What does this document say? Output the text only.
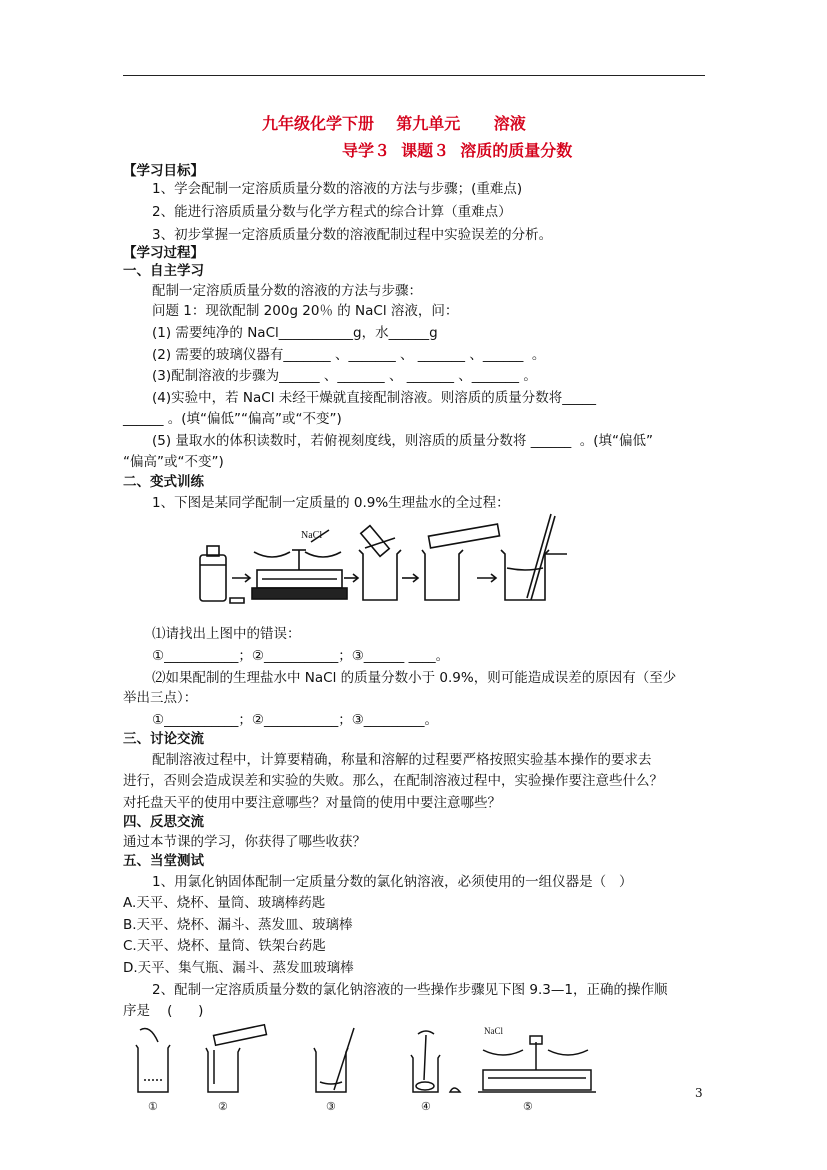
九年级化学下册    第九单元      溶液
导学３  课题３  溶质的质量分数
【学习目标】
1、学会配制一定溶质质量分数的溶液的方法与步骤；(重难点)
2、能进行溶质质量分数与化学方程式的综合计算（重难点）
3、初步掌握一定溶质质量分数的溶液配制过程中实验误差的分析。
【学习过程】
一、自主学习
配制一定溶质质量分数的溶液的方法与步骤：
问题 1：现欲配制 200g 20％ 的 NaCl 溶液，问：
(1) 需要纯净的 NaCl___________g，水______g
(2) 需要的玻璃仪器有_______ 、_______ 、 _______ 、______  。
(3)配制溶液的步骤为______ 、_______ 、 _______ 、_______ 。
(4)实验中，若 NaCl 未经干燥就直接配制溶液。则溶质的质量分数将_____
______ 。(填“偏低”“偏高”或“不变”)
(5) 量取水的体积读数时，若俯视刻度线，则溶质的质量分数将 ______  。(填“偏低”
“偏高”或“不变”)
二、变式训练
1、下图是某同学配制一定质量的 0.9%生理盐水的全过程：
NaCl
⑴请找出上图中的错误：
①___________；②___________；③______ ____。
⑵如果配制的生理盐水中 NaCl 的质量分数小于 0.9%，则可能造成误差的原因有（至少
举出三点）：
①___________；②___________；③_________。
三、讨论交流
配制溶液过程中，计算要精确，称量和溶解的过程要严格按照实验基本操作的要求去
进行，否则会造成误差和实验的失败。那么，在配制溶液过程中，实验操作要注意些什么？
对托盘天平的使用中要注意哪些？对量筒的使用中要注意哪些？
四、反思交流
通过本节课的学习，你获得了哪些收获？
五、当堂测试
1、用氯化钠固体配制一定质量分数的氯化钠溶液，必须使用的一组仪器是（   ）
A.天平、烧杯、量筒、玻璃棒药匙
B.天平、烧杯、漏斗、蒸发皿、玻璃棒
C.天平、烧杯、量筒、铁架台药匙
D.天平、集气瓶、漏斗、蒸发皿玻璃棒
2、配制一定溶质质量分数的氯化钠溶液的一些操作步骤见下图 9.3—1，正确的操作顺
序是    (      )
NaCl
①	②	③	④	⑤
3
